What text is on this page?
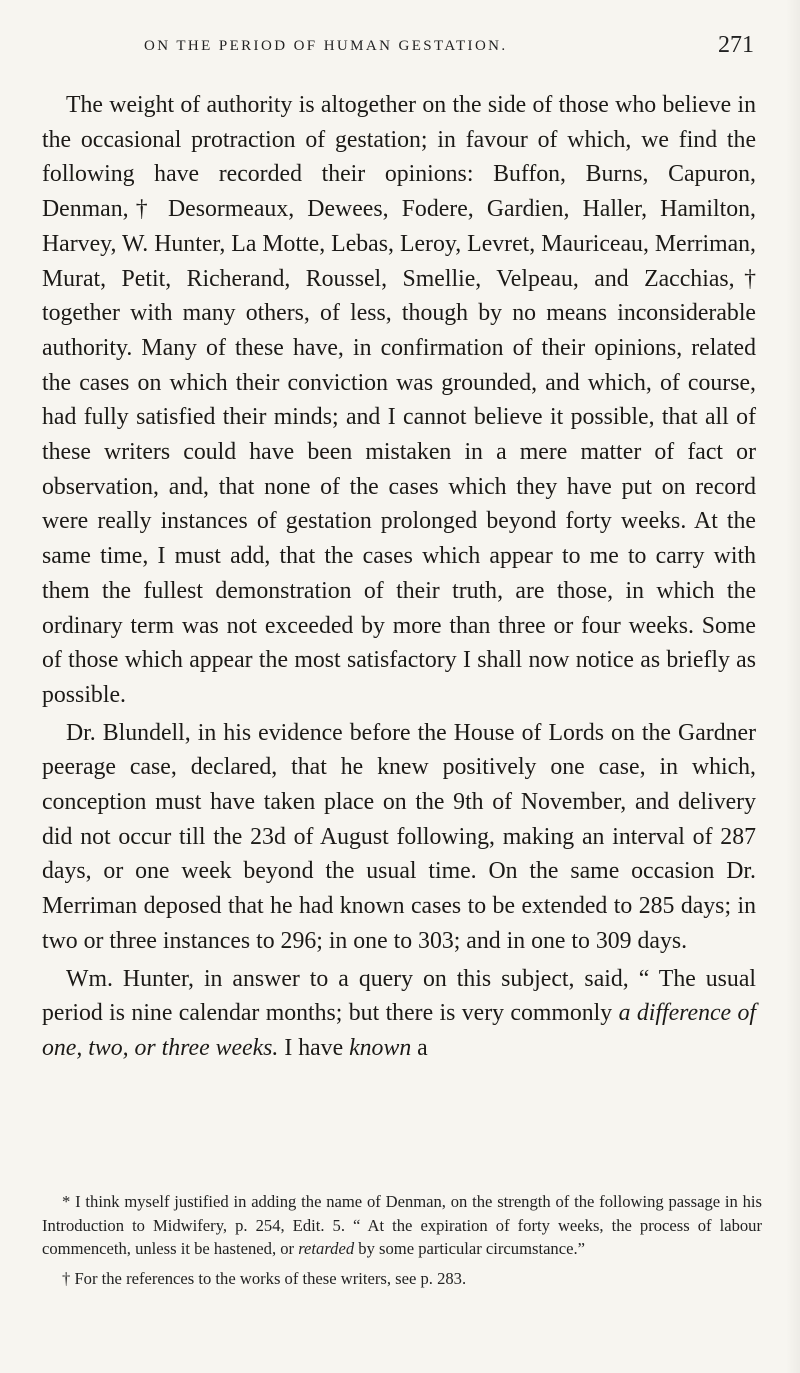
ON THE PERIOD OF HUMAN GESTATION.	271

The weight of authority is altogether on the side of those who believe in the occasional protraction of gestation; in favour of which, we find the following have recorded their opinions: Buffon, Burns, Capuron, Denman,† Desormeaux, Dewees, Fodere, Gardien, Haller, Hamilton, Harvey, W. Hunter, La Motte, Lebas, Leroy, Levret, Mauriceau, Merriman, Murat, Petit, Richerand, Roussel, Smellie, Velpeau, and Zacchias,† together with many others, of less, though by no means inconsiderable authority. Many of these have, in confirmation of their opinions, related the cases on which their conviction was grounded, and which, of course, had fully satisfied their minds; and I cannot believe it possible, that all of these writers could have been mistaken in a mere matter of fact or observation, and, that none of the cases which they have put on record were really instances of gestation prolonged beyond forty weeks. At the same time, I must add, that the cases which appear to me to carry with them the fullest demonstration of their truth, are those, in which the ordinary term was not exceeded by more than three or four weeks. Some of those which appear the most satisfactory I shall now notice as briefly as possible.

Dr. Blundell, in his evidence before the House of Lords on the Gardner peerage case, declared, that he knew positively one case, in which, conception must have taken place on the 9th of November, and delivery did not occur till the 23d of August following, making an interval of 287 days, or one week beyond the usual time. On the same occasion Dr. Merriman deposed that he had known cases to be extended to 285 days; in two or three instances to 296; in one to 303; and in one to 309 days.

Wm. Hunter, in answer to a query on this subject, said, “ The usual period is nine calendar months; but there is very commonly a difference of one, two, or three weeks. I have known a

* I think myself justified in adding the name of Denman, on the strength of the following passage in his Introduction to Midwifery, p. 254, Edit. 5. “ At the expiration of forty weeks, the process of labour commenceth, unless it be hastened, or retarded by some particular circumstance.”

† For the references to the works of these writers, see p. 283.
